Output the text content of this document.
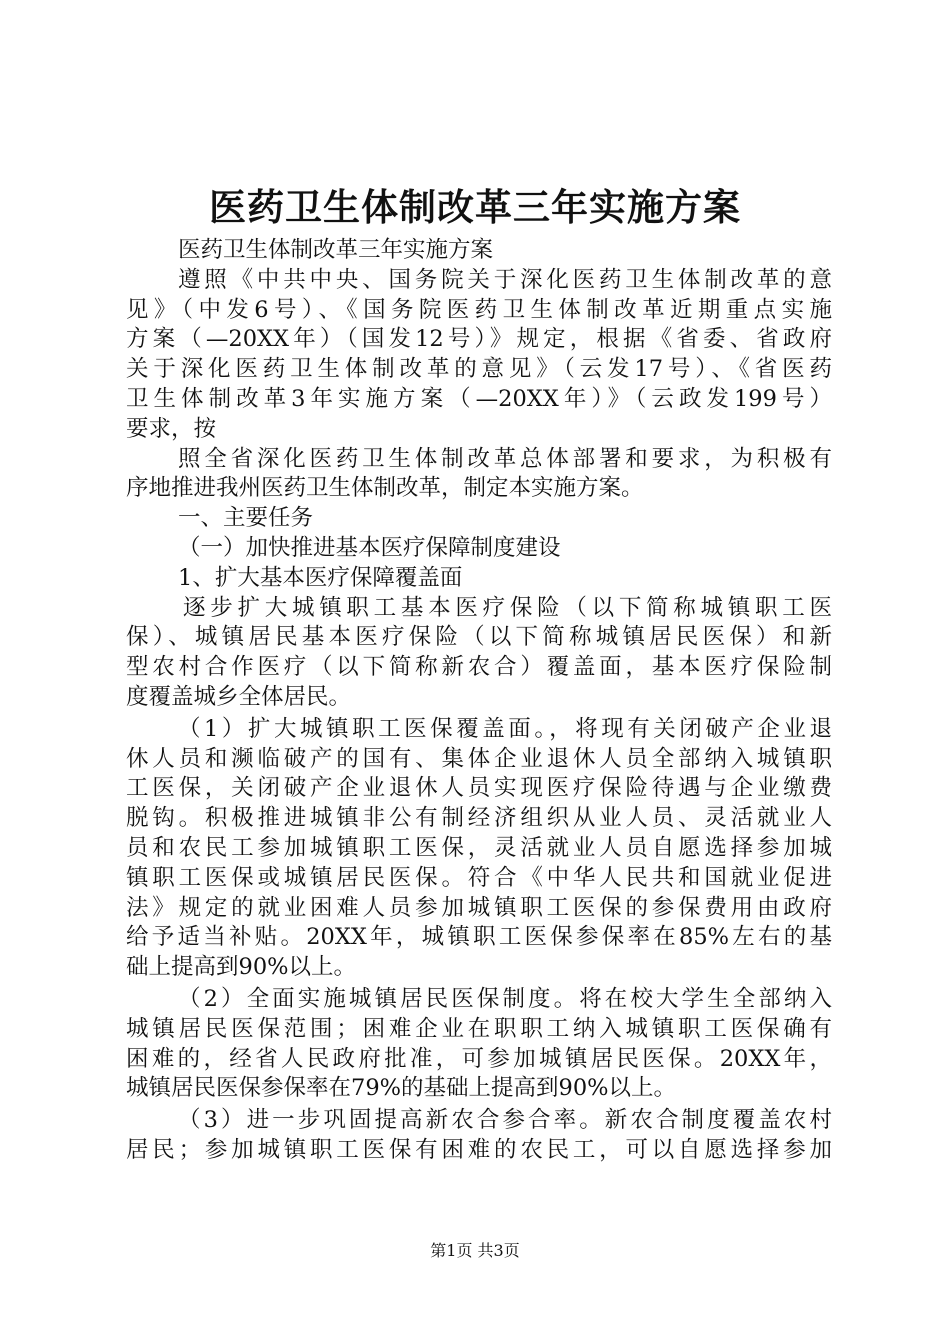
医药卫生体制改革三年实施方案
医药卫生体制改革三年实施方案
遵照《中共中央、国务院关于深化医药卫生体制改革的意
见》（中发6号）、《国务院医药卫生体制改革近期重点实施
方案（—20XX年）（国发12号）》规定，根据《省委、省政府
关于深化医药卫生体制改革的意见》（云发17号）、《省医药
卫生体制改革3年实施方案（—20XX年）》（云政发199号）
要求，按
照全省深化医药卫生体制改革总体部署和要求，为积极有
序地推进我州医药卫生体制改革，制定本实施方案。
一、主要任务
（一）加快推进基本医疗保障制度建设
1、扩大基本医疗保障覆盖面
逐步扩大城镇职工基本医疗保险（以下简称城镇职工医
保）、城镇居民基本医疗保险（以下简称城镇居民医保）和新
型农村合作医疗（以下简称新农合）覆盖面，基本医疗保险制
度覆盖城乡全体居民。
（1）扩大城镇职工医保覆盖面。，将现有关闭破产企业退
休人员和濒临破产的国有、集体企业退休人员全部纳入城镇职
工医保，关闭破产企业退休人员实现医疗保险待遇与企业缴费
脱钩。积极推进城镇非公有制经济组织从业人员、灵活就业人
员和农民工参加城镇职工医保，灵活就业人员自愿选择参加城
镇职工医保或城镇居民医保。符合《中华人民共和国就业促进
法》规定的就业困难人员参加城镇职工医保的参保费用由政府
给予适当补贴。20XX年，城镇职工医保参保率在85%左右的基
础上提高到90%以上。
（2）全面实施城镇居民医保制度。将在校大学生全部纳入
城镇居民医保范围；困难企业在职职工纳入城镇职工医保确有
困难的，经省人民政府批准，可参加城镇居民医保。20XX年，
城镇居民医保参保率在79%的基础上提高到90%以上。
（3）进一步巩固提高新农合参合率。新农合制度覆盖农村
居民；参加城镇职工医保有困难的农民工，可以自愿选择参加
第1页 共3页
